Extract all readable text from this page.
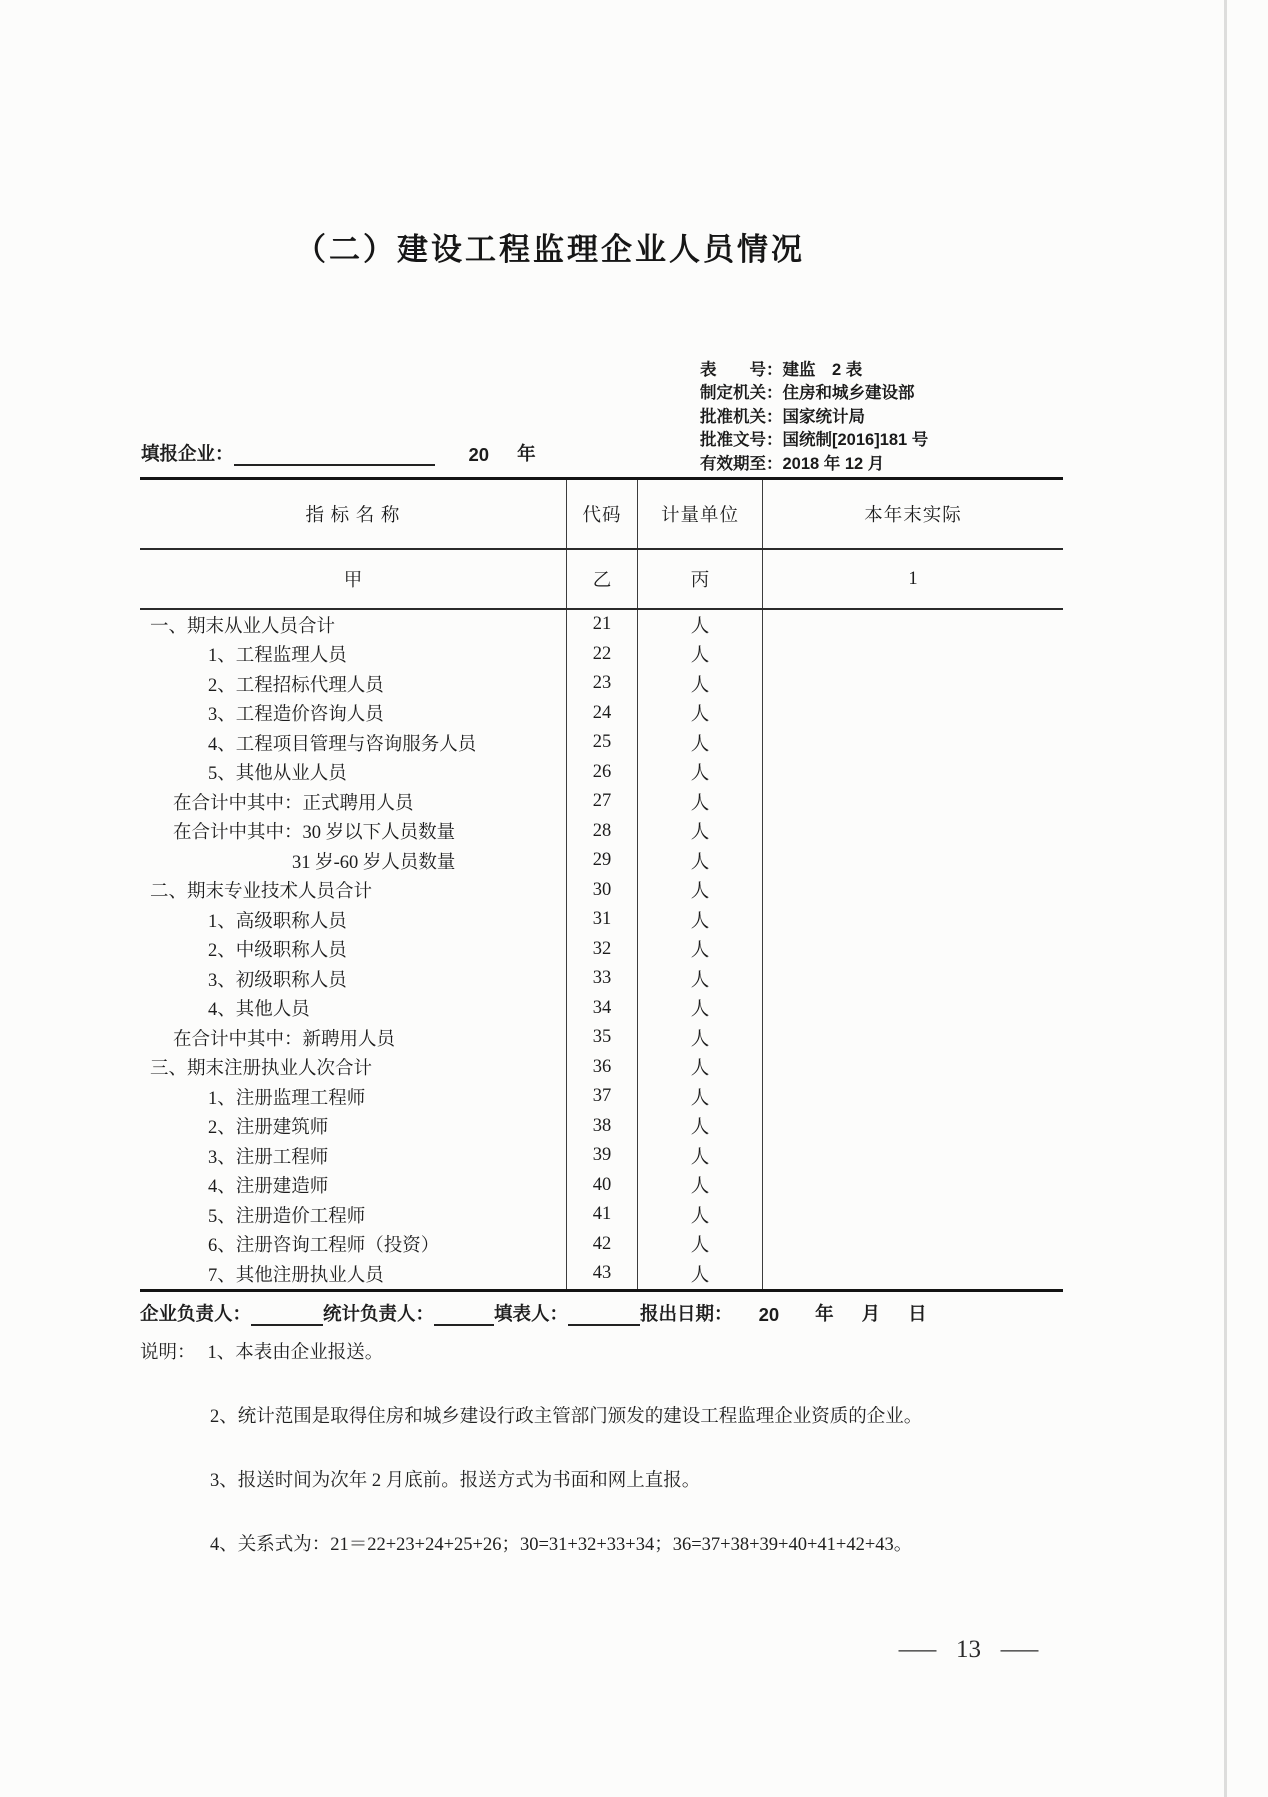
（二）建设工程监理企业人员情况
表　　号：建监　2 表
制定机关：住房和城乡建设部
批准机关：国家统计局
批准文号：国统制[2016]181 号
有效期至：2018 年 12 月
填报企业：	20 年
指 标 名 称	代码	计量单位	本年末实际
甲	乙	丙	1
一、期末从业人员合计	21	人
1、工程监理人员	22	人
2、工程招标代理人员	23	人
3、工程造价咨询人员	24	人
4、工程项目管理与咨询服务人员	25	人
5、其他从业人员	26	人
在合计中其中：正式聘用人员	27	人
在合计中其中：30 岁以下人员数量	28	人
31 岁-60 岁人员数量	29	人
二、期末专业技术人员合计	30	人
1、高级职称人员	31	人
2、中级职称人员	32	人
3、初级职称人员	33	人
4、其他人员	34	人
在合计中其中：新聘用人员	35	人
三、期末注册执业人次合计	36	人
1、注册监理工程师	37	人
2、注册建筑师	38	人
3、注册工程师	39	人
4、注册建造师	40	人
5、注册造价工程师	41	人
6、注册咨询工程师（投资）	42	人
7、其他注册执业人员	43	人
企业负责人：	统计负责人：	填表人：	报出日期： 20 年 月 日
说明： 1、本表由企业报送。
2、统计范围是取得住房和城乡建设行政主管部门颁发的建设工程监理企业资质的企业。
3、报送时间为次年 2 月底前。报送方式为书面和网上直报。
4、关系式为：21＝22+23+24+25+26；30=31+32+33+34；36=37+38+39+40+41+42+43。
— 13 —
